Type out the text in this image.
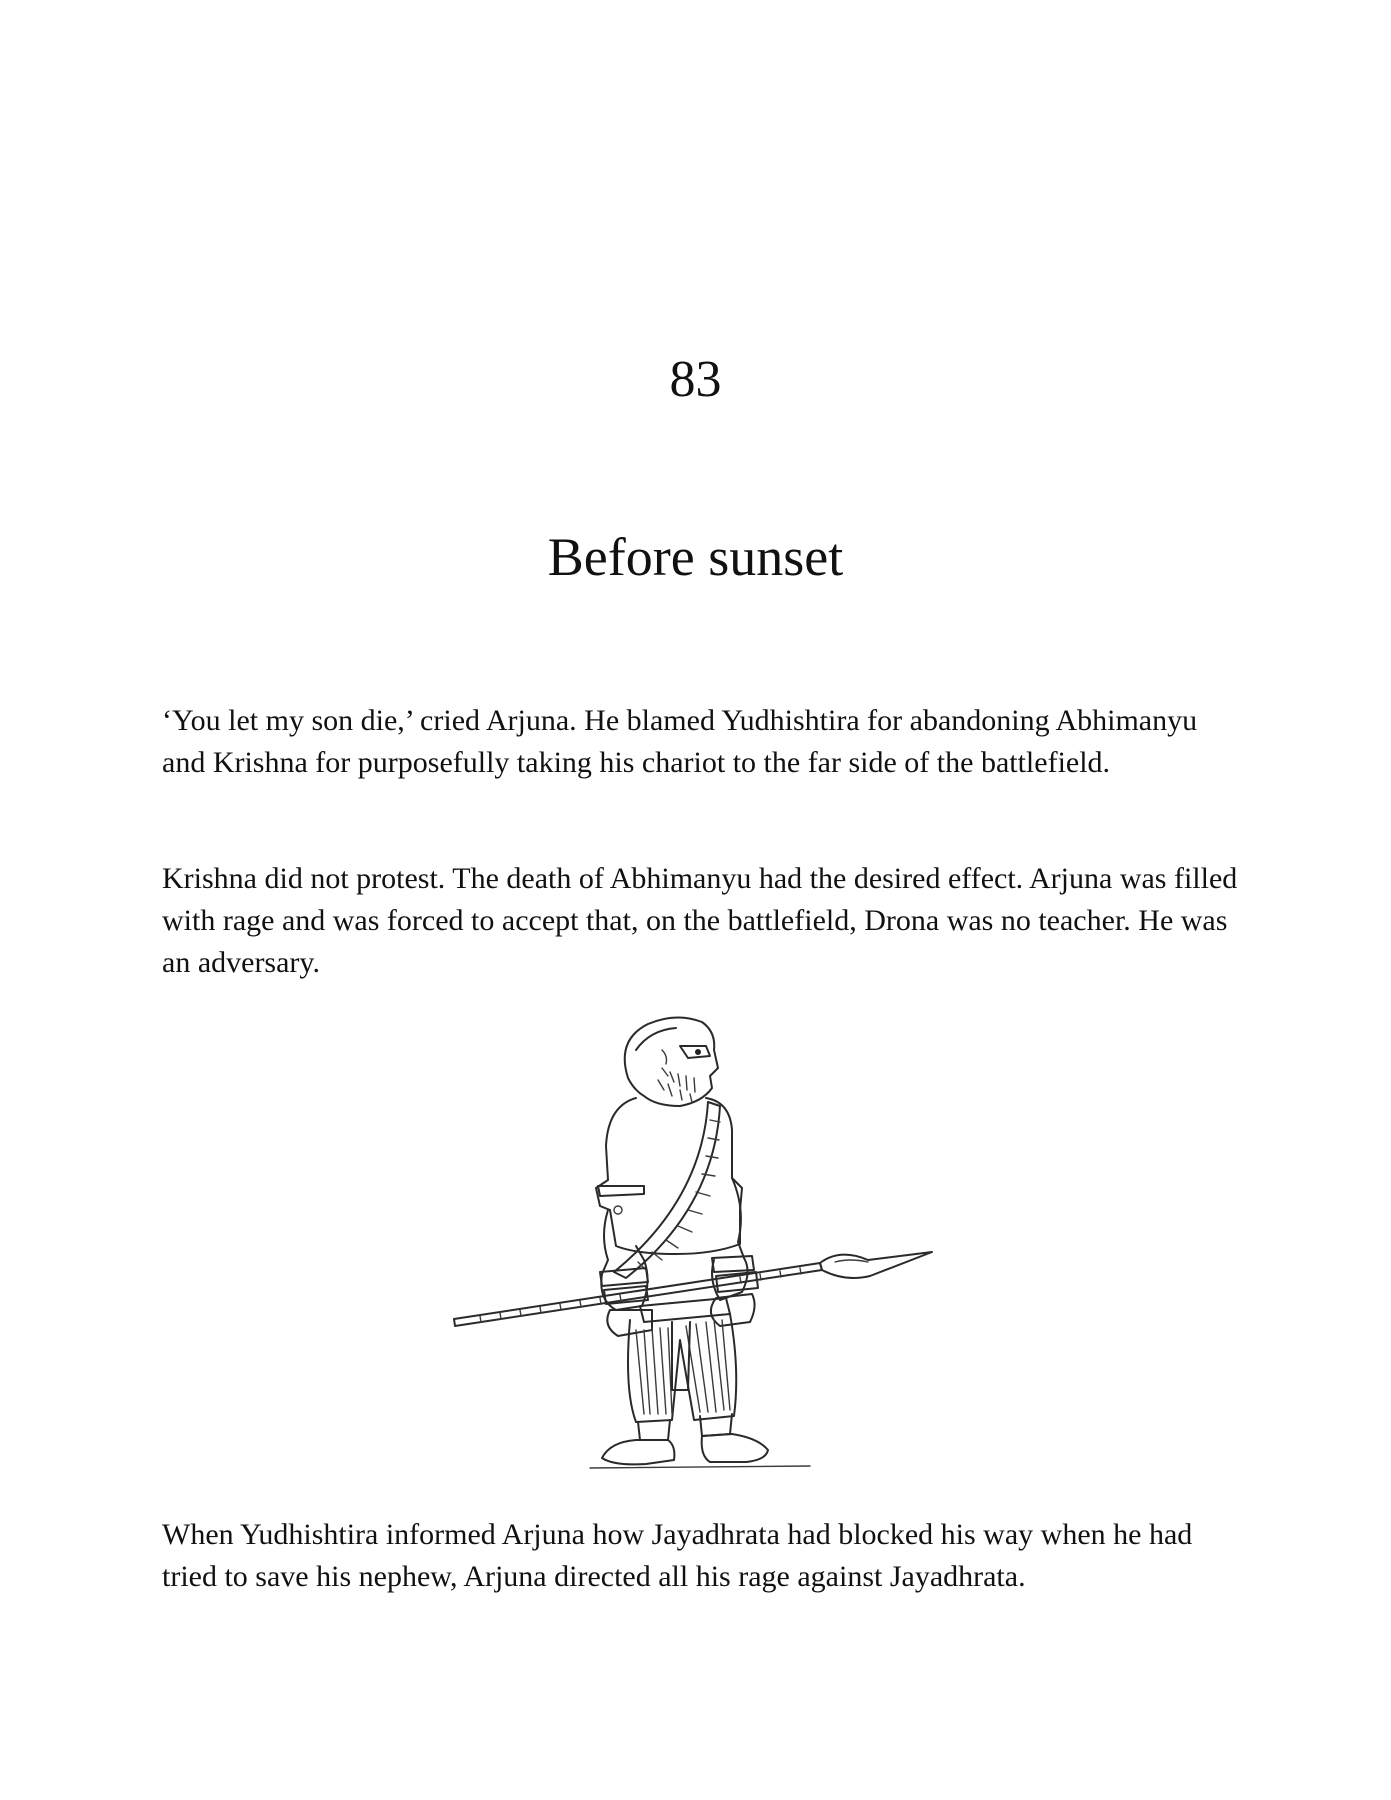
83
Before sunset

‘You let my son die,’ cried Arjuna. He blamed Yudhishtira for abandoning Abhimanyu and Krishna for purposefully taking his chariot to the far side of the battlefield.

Krishna did not protest. The death of Abhimanyu had the desired effect. Arjuna was filled with rage and was forced to accept that, on the battlefield, Drona was no teacher. He was an adversary.

When Yudhishtira informed Arjuna how Jayadhrata had blocked his way when he had tried to save his nephew, Arjuna directed all his rage against Jayadhrata.
